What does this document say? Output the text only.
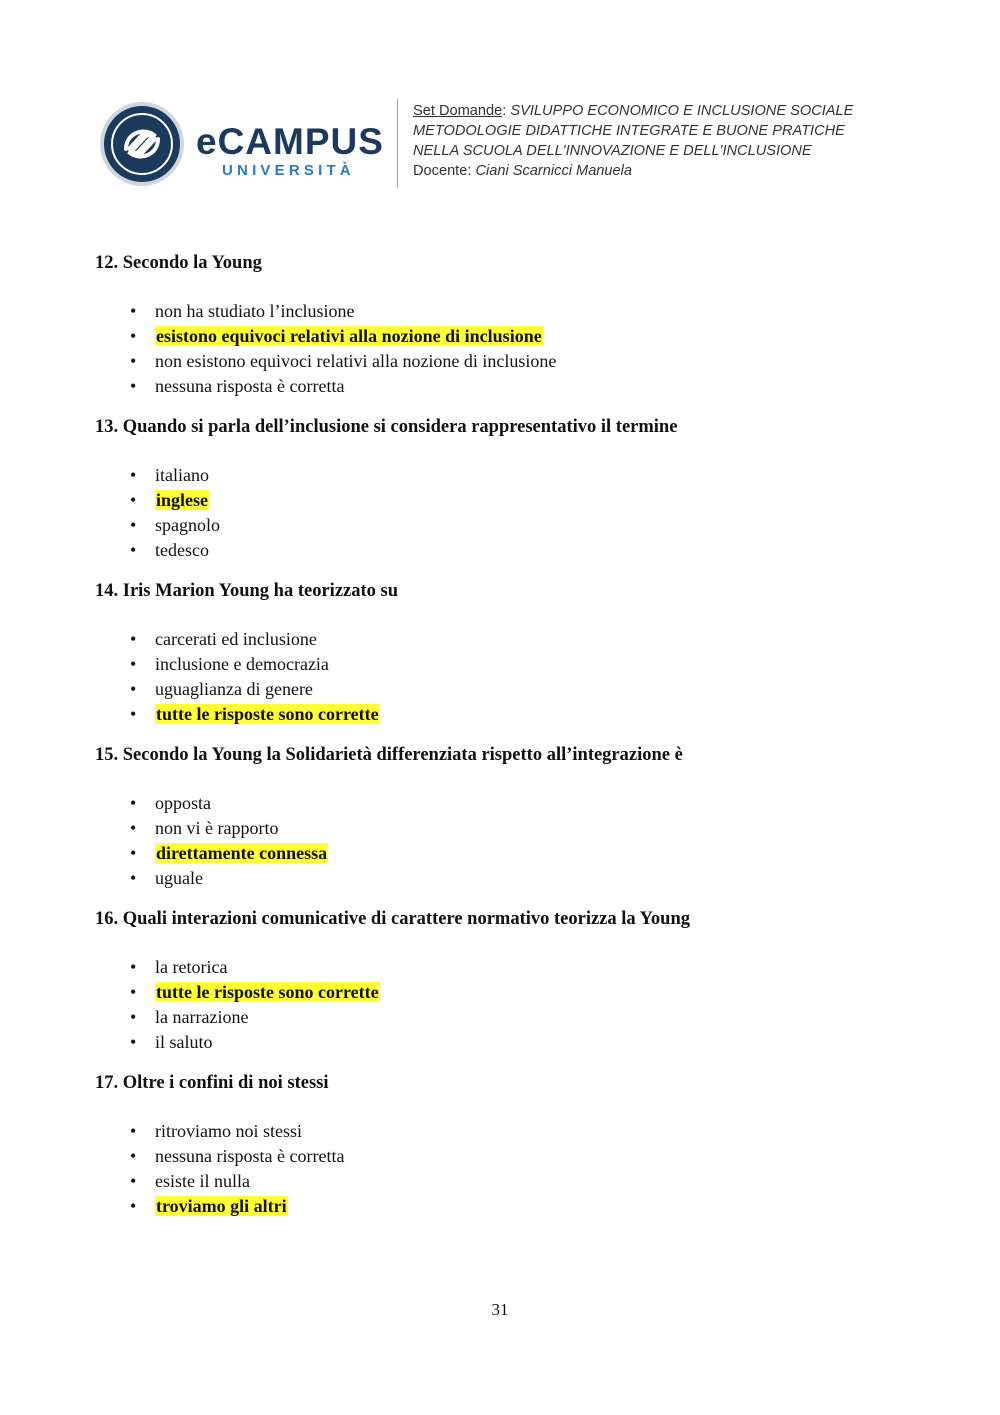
eCAMPUS
UNIVERSITÀ
Set Domande: SVILUPPO ECONOMICO E INCLUSIONE SOCIALE
METODOLOGIE DIDATTICHE INTEGRATE E BUONE PRATICHE
NELLA SCUOLA DELL'INNOVAZIONE E DELL'INCLUSIONE
Docente: Ciani Scarnicci Manuela
12. Secondo la Young
• non ha studiato l’inclusione
• esistono equivoci relativi alla nozione di inclusione
• non esistono equivoci relativi alla nozione di inclusione
• nessuna risposta è corretta
13. Quando si parla dell’inclusione si considera rappresentativo il termine
• italiano
• inglese
• spagnolo
• tedesco
14. Iris Marion Young ha teorizzato su
• carcerati ed inclusione
• inclusione e democrazia
• uguaglianza di genere
• tutte le risposte sono corrette
15. Secondo la Young la Solidarietà differenziata rispetto all’integrazione è
• opposta
• non vi è rapporto
• direttamente connessa
• uguale
16. Quali interazioni comunicative di carattere normativo teorizza la Young
• la retorica
• tutte le risposte sono corrette
• la narrazione
• il saluto
17. Oltre i confini di noi stessi
• ritroviamo noi stessi
• nessuna risposta è corretta
• esiste il nulla
• troviamo gli altri
31
